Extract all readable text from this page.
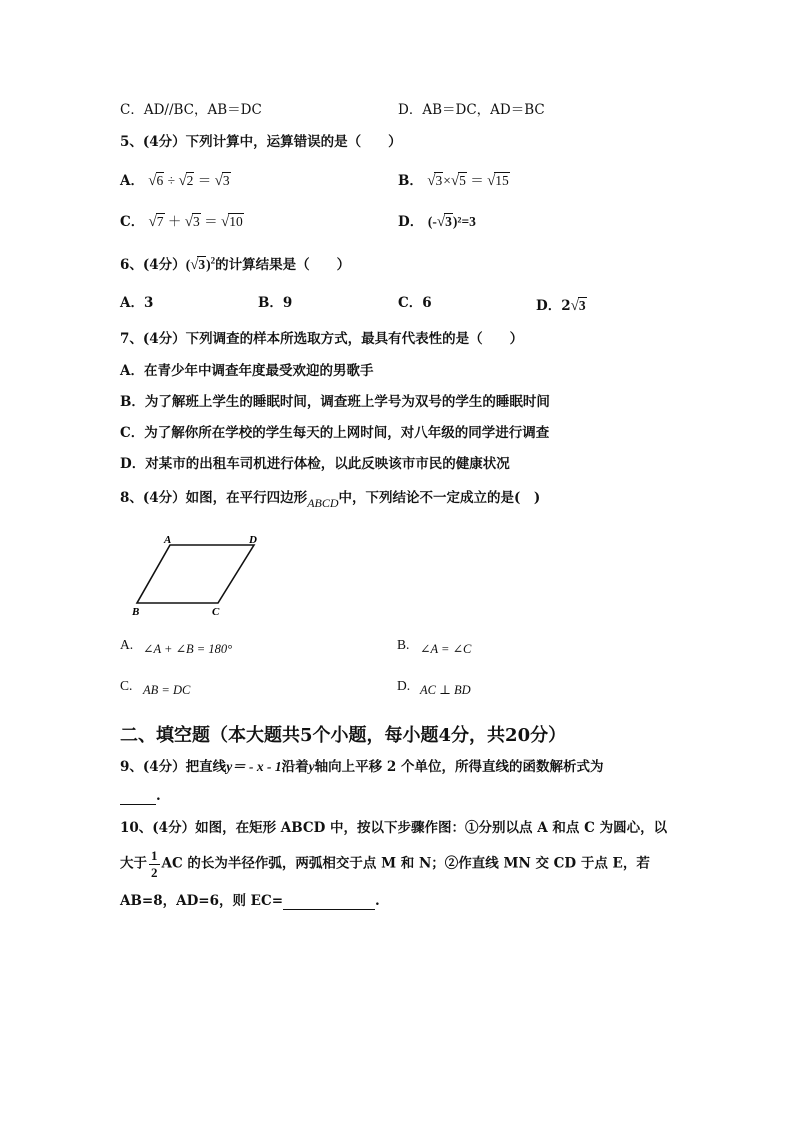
C．AD//BC，AB＝DC	D．AB＝DC，AD＝BC
5、(4分）下列计算中，运算错误的是（　　）
A． √6 ÷ √2 ＝ √3	B． √3×√5 ＝ √15
C． √7 ＋ √3 ＝ √10	D． (-√3)²=3
6、(4分）$(√3)^2$的计算结果是（　　）
A．3	B．9	C．6	D．2√3
7、(4分）下列调查的样本所选取方式，最具有代表性的是（　　）
A．在青少年中调查年度最受欢迎的男歌手
B．为了解班上学生的睡眠时间，调查班上学号为双号的学生的睡眠时间
C．为了解你所在学校的学生每天的上网时间，对八年级的同学进行调查
D．对某市的出租车司机进行体检，以此反映该市市民的健康状况
8、(4分）如图，在平行四边形ABCD中，下列结论不一定成立的是(　)
A	D
B	C
A. ∠A + ∠B = 180°	B. ∠A = ∠C
C. AB = DC	D. AC ⊥ BD
二、填空题（本大题共5个小题，每小题4分，共20分）
9、(4分）把直线y＝ - x - 1沿着y轴向上平移 2 个单位，所得直线的函数解析式为
.
10、(4分）如图，在矩形 ABCD 中，按以下步骤作图：①分别以点 A 和点 C 为圆心，以
大于 $\frac{1}{2}$ AC 的长为半径作弧，两弧相交于点 M 和 N；②作直线 MN 交 CD 于点 E，若
AB=8，AD=6，则 EC=	.
